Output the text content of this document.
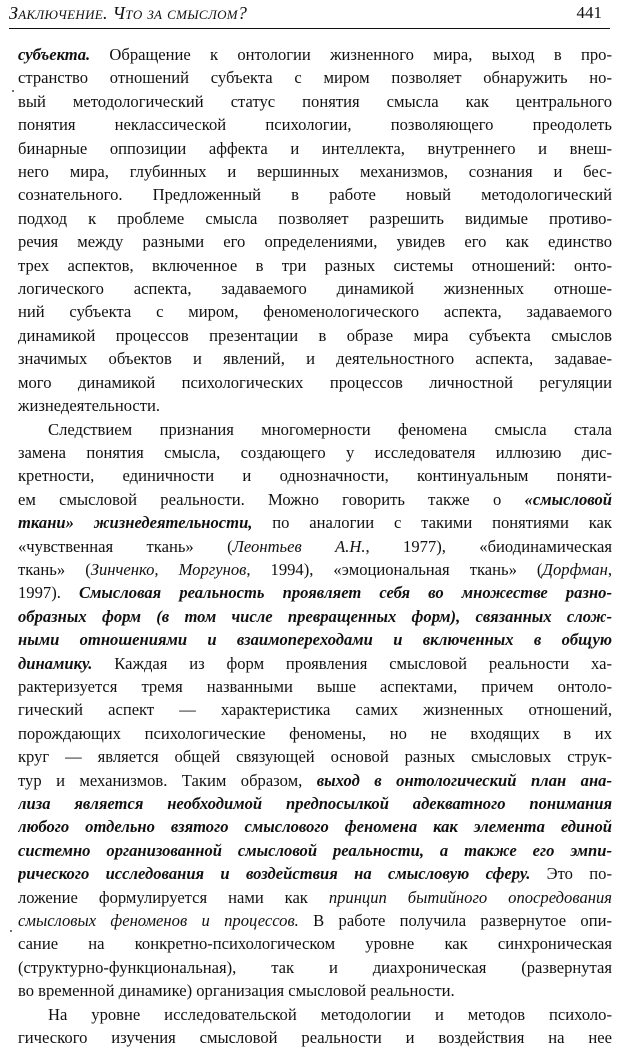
Заключение. Что за смыслом?	441
субъекта. Обращение к онтологии жизненного мира, выход в про-
странство отношений субъекта с миром позволяет обнаружить но-
вый методологический статус понятия смысла как центрального
понятия неклассической психологии, позволяющего преодолеть
бинарные оппозиции аффекта и интеллекта, внутреннего и внеш-
него мира, глубинных и вершинных механизмов, сознания и бес-
сознательного. Предложенный в работе новый методологический
подход к проблеме смысла позволяет разрешить видимые противо-
речия между разными его определениями, увидев его как единство
трех аспектов, включенное в три разных системы отношений: онто-
логического аспекта, задаваемого динамикой жизненных отноше-
ний субъекта с миром, феноменологического аспекта, задаваемого
динамикой процессов презентации в образе мира субъекта смыслов
значимых объектов и явлений, и деятельностного аспекта, задавае-
мого динамикой психологических процессов личностной регуляции
жизнедеятельности.
Следствием признания многомерности феномена смысла стала
замена понятия смысла, создающего у исследователя иллюзию дис-
кретности, единичности и однозначности, континуальным поняти-
ем смысловой реальности. Можно говорить также о «смысловой
ткани» жизнедеятельности, по аналогии с такими понятиями как
«чувственная ткань» (Леонтьев А.Н., 1977), «биодинамическая
ткань» (Зинченко, Моргунов, 1994), «эмоциональная ткань» (Дорфман,
1997). Смысловая реальность проявляет себя во множестве разно-
образных форм (в том числе превращенных форм), связанных слож-
ными отношениями и взаимопереходами и включенных в общую
динамику. Каждая из форм проявления смысловой реальности ха-
рактеризуется тремя названными выше аспектами, причем онтоло-
гический аспект — характеристика самих жизненных отношений,
порождающих психологические феномены, но не входящих в их
круг — является общей связующей основой разных смысловых струк-
тур и механизмов. Таким образом, выход в онтологический план ана-
лиза является необходимой предпосылкой адекватного понимания
любого отдельно взятого смыслового феномена как элемента единой
системно организованной смысловой реальности, а также его эмпи-
рического исследования и воздействия на смысловую сферу. Это по-
ложение формулируется нами как принцип бытийного опосредования
смысловых феноменов и процессов. В работе получила развернутое опи-
сание на конкретно-психологическом уровне как синхроническая
(структурно-функциональная), так и диахроническая (развернутая
во временной динамике) организация смысловой реальности.
На уровне исследовательской методологии и методов психоло-
гического изучения смысловой реальности и воздействия на нее
